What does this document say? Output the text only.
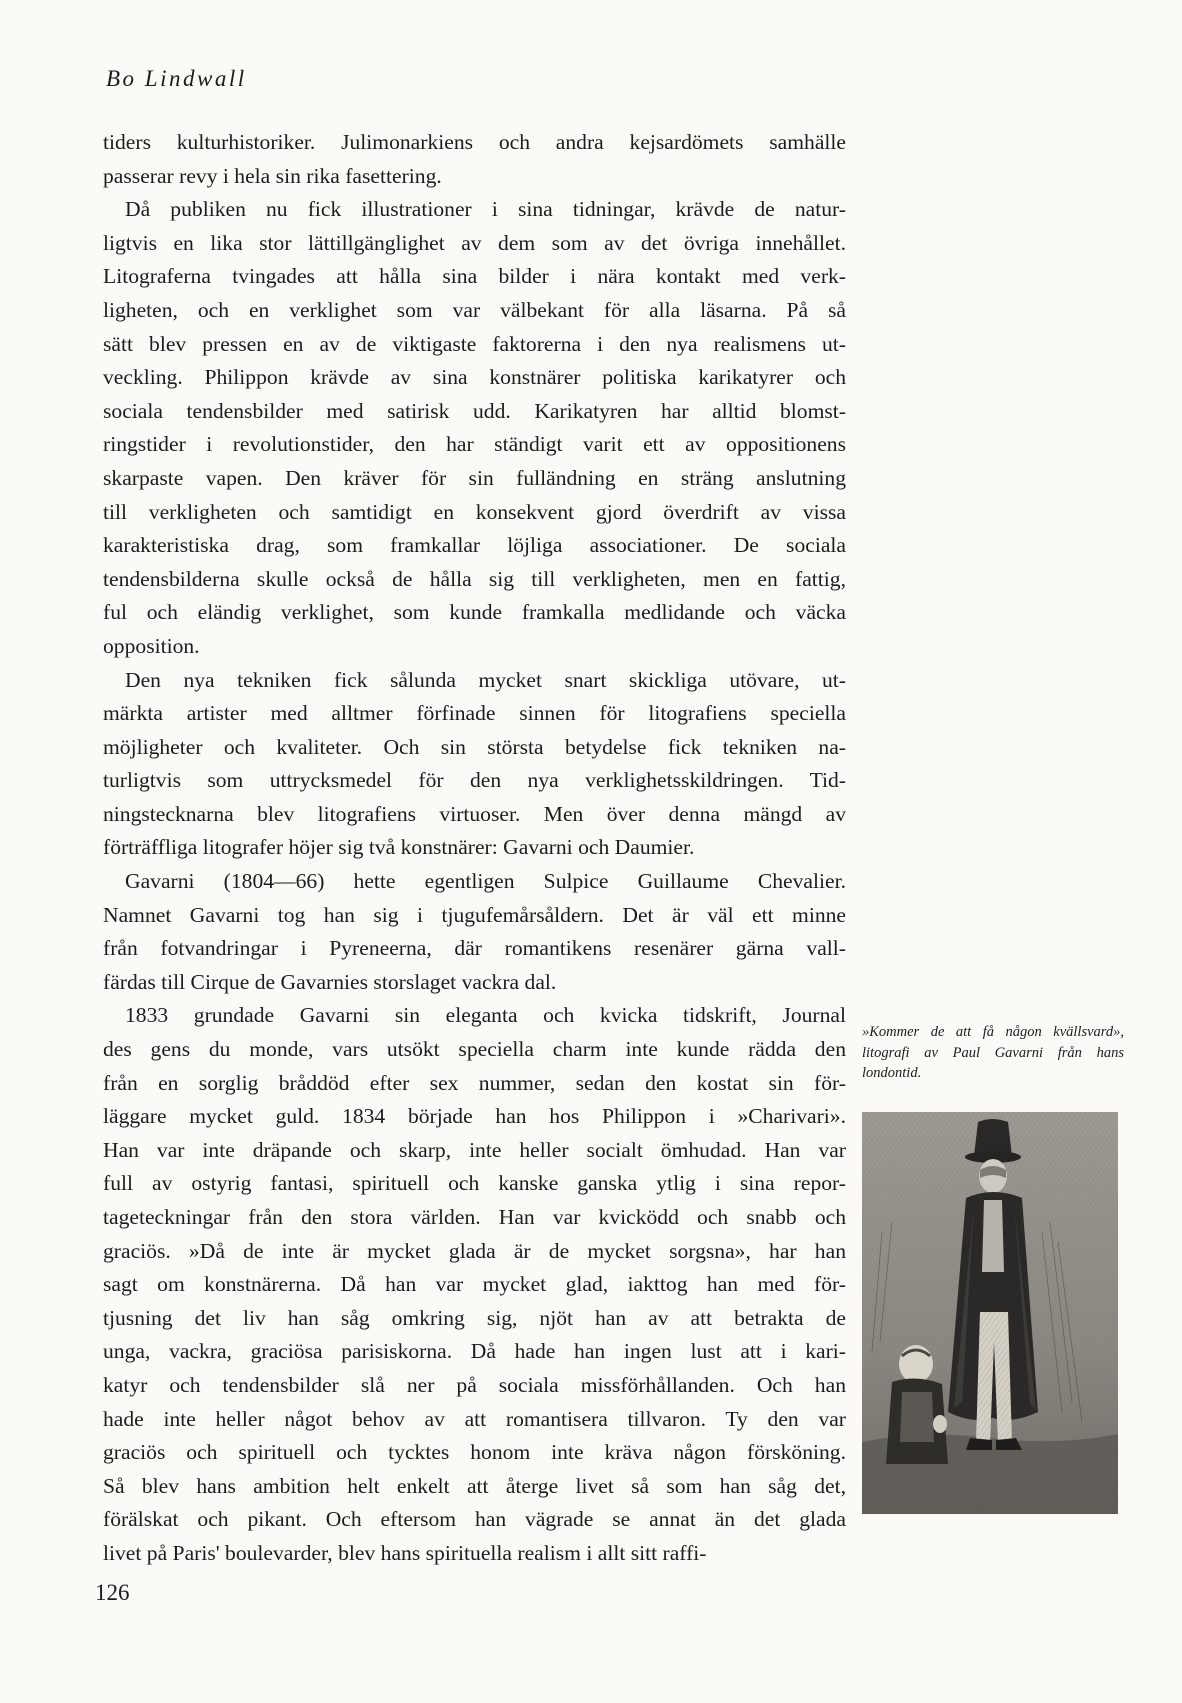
Bo Lindwall

tiders kulturhistoriker. Julimonarkiens och andra kejsardömets samhälle
passerar revy i hela sin rika fasettering.

Då publiken nu fick illustrationer i sina tidningar, krävde de natur-
ligtvis en lika stor lättillgänglighet av dem som av det övriga innehållet.
Litograferna tvingades att hålla sina bilder i nära kontakt med verk-
ligheten, och en verklighet som var välbekant för alla läsarna. På så
sätt blev pressen en av de viktigaste faktorerna i den nya realismens ut-
veckling. Philippon krävde av sina konstnärer politiska karikatyrer och
sociala tendensbilder med satirisk udd. Karikatyren har alltid blomst-
ringstider i revolutionstider, den har ständigt varit ett av oppositionens
skarpaste vapen. Den kräver för sin fulländning en sträng anslutning
till verkligheten och samtidigt en konsekvent gjord överdrift av vissa
karakteristiska drag, som framkallar löjliga associationer. De sociala
tendensbilderna skulle också de hålla sig till verkligheten, men en fattig,
ful och eländig verklighet, som kunde framkalla medlidande och väcka
opposition.

Den nya tekniken fick sålunda mycket snart skickliga utövare, ut-
märkta artister med alltmer förfinade sinnen för litografiens speciella
möjligheter och kvaliteter. Och sin största betydelse fick tekniken na-
turligtvis som uttrycksmedel för den nya verklighetsskildringen. Tid-
ningstecknarna blev litografiens virtuoser. Men över denna mängd av
förträffliga litografer höjer sig två konstnärer: Gavarni och Daumier.

Gavarni (1804—66) hette egentligen Sulpice Guillaume Chevalier.
Namnet Gavarni tog han sig i tjugufemårsåldern. Det är väl ett minne
från fotvandringar i Pyreneerna, där romantikens resenärer gärna vall-
färdas till Cirque de Gavarnies storslaget vackra dal.

1833 grundade Gavarni sin eleganta och kvicka tidskrift, Journal
des gens du monde, vars utsökt speciella charm inte kunde rädda den
från en sorglig bråddöd efter sex nummer, sedan den kostat sin för-
läggare mycket guld. 1834 började han hos Philippon i »Charivari».
Han var inte dräpande och skarp, inte heller socialt ömhudad. Han var
full av ostyrig fantasi, spirituell och kanske ganska ytlig i sina repor-
tageteckningar från den stora världen. Han var kvicködd och snabb och
graciös. »Då de inte är mycket glada är de mycket sorgsna», har han
sagt om konstnärerna. Då han var mycket glad, iakttog han med för-
tjusning det liv han såg omkring sig, njöt han av att betrakta de
unga, vackra, graciösa parisiskorna. Då hade han ingen lust att i kari-
katyr och tendensbilder slå ner på sociala missförhållanden. Och han
hade inte heller något behov av att romantisera tillvaron. Ty den var
graciös och spirituell och tycktes honom inte kräva någon försköning.
Så blev hans ambition helt enkelt att återge livet så som han såg det,
förälskat och pikant. Och eftersom han vägrade se annat än det glada
livet på Paris' boulevarder, blev hans spirituella realism i allt sitt raffi-

»Kommer de att få någon kvällsvard», litografi av Paul Gavarni från hans londontid.

126
